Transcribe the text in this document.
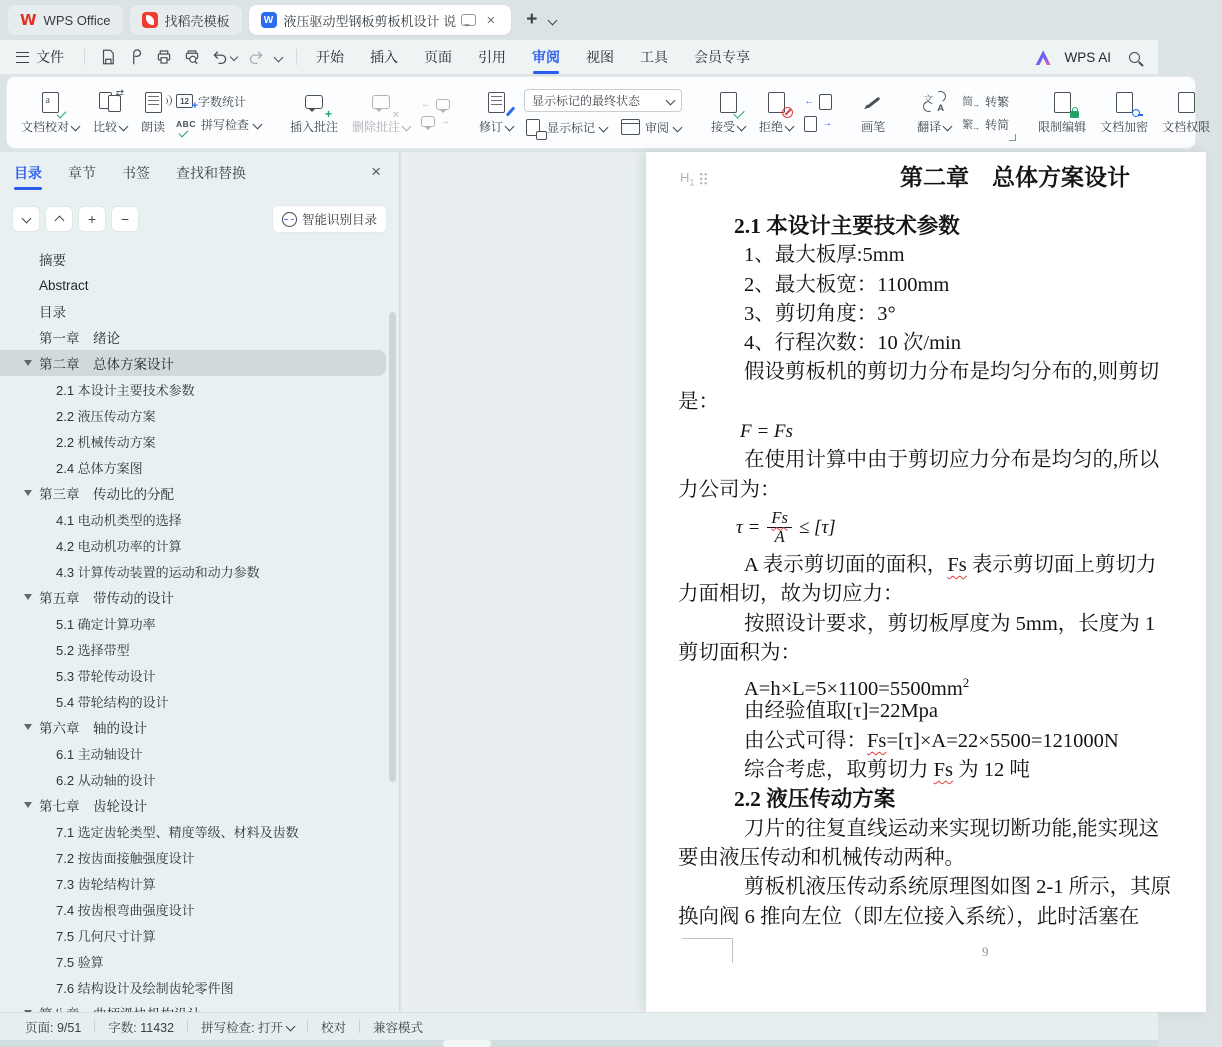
W WPS Office	找稻壳模板	W 液压驱动型钢板剪板机设计 说 ×	+
文件	开始	插入	页面	引用	审阅	视图	工具	会员专享	WPS AI
a
文档校对
⇄
比较 朗读
12 + 字数统计
ABC 拼写检查
+
插入批注
×
删除批注
←
→ 修订
显示标记的最终状态
显示标记	审阅	接受 拒绝
←
→ 画笔
文
A
翻译
简 → 转繁
繁 → 转简 限制编辑 文档加密 文档权限
目录 章节 书签 查找和替换	×
+	−	智能识别目录
摘要
Abstract
目录
第一章　绪论
第二章　总体方案设计
2.1 本设计主要技术参数
2.2 液压传动方案
2.2 机械传动方案
2.4 总体方案图
第三章　传动比的分配
4.1 电动机类型的选择
4.2 电动机功率的计算
4.3 计算传动装置的运动和动力参数
第五章　带传动的设计
5.1 确定计算功率
5.2 选择带型
5.3 带轮传动设计
5.4 带轮结构的设计
第六章　轴的设计
6.1 主动轴设计
6.2 从动轴的设计
第七章　齿轮设计
7.1 选定齿轮类型、精度等级、材料及齿数
7.2 按齿面接触强度设计
7.3 齿轮结构计算
7.4 按齿根弯曲强度设计
7.5 几何尺寸计算
7.5 验算
7.6 结构设计及绘制齿轮零件图
$H_1$	第二章　总体方案设计
2.1 本设计主要技术参数
1、最大板厚:5mm
2、最大板宽：1100mm
3、剪切角度：3°
4、行程次数：10 次/min
假设剪板机的剪切力分布是均匀分布的,则剪切
是：
F = Fs
在使用计算中由于剪切应力分布是均匀的,所以
力公司为：
$\tau = \frac{Fs}{A} \le [\tau]$
A 表示剪切面的面积，Fs 表示剪切面上剪切力
力面相切，故为切应力：
按照设计要求，剪切板厚度为 5mm，长度为 1
剪切面积为：
$A=h\times L=5\times 1100=5500mm^2$
由经验值取[τ]=22Mpa
由公式可得：Fs=[τ]×A=22×5500=121000N
综合考虑，取剪切力 Fs 为 12 吨
2.2 液压传动方案
刀片的往复直线运动来实现切断功能,能实现这
要由液压传动和机械传动两种。
剪板机液压传动系统原理图如图 2-1 所示，其原
换向阀 6 推向左位（即左位接入系统），此时活塞在
9
页面: 9/51	字数: 11432	拼写检查: 打开	校对	兼容模式
